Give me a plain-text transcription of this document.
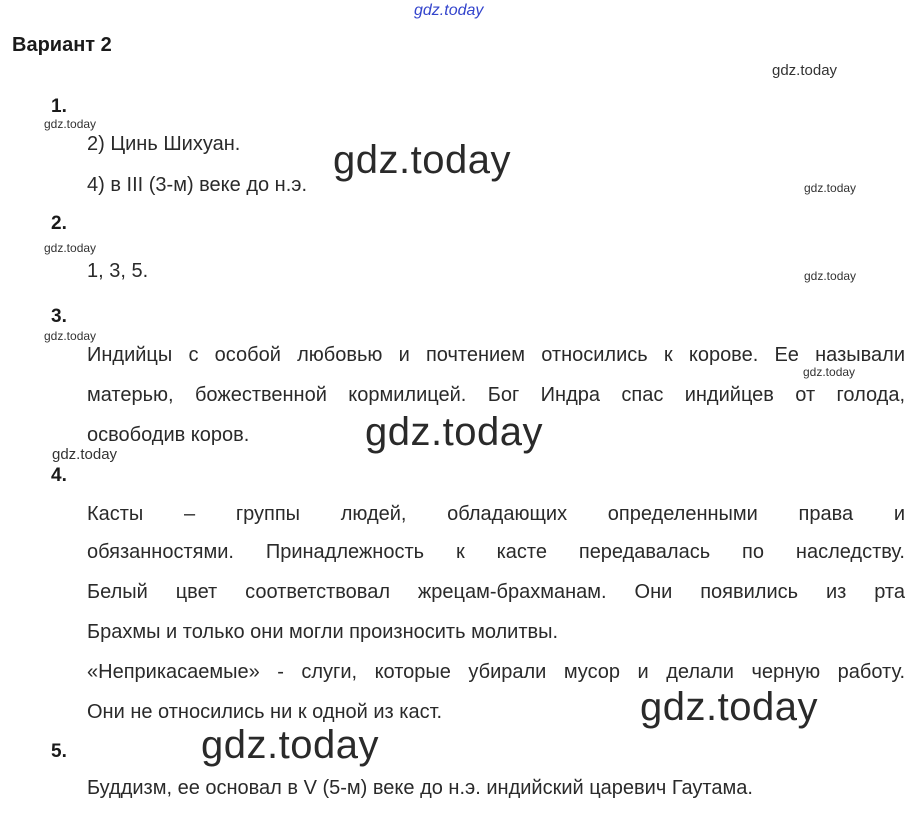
gdz.today
Вариант 2
gdz.today
gdz.today
gdz.today
gdz.today
gdz.today
gdz.today
gdz.today
gdz.today
gdz.today
gdz.today
gdz.today
gdz.today
1.
2) Цинь Шихуан.
4) в III (3-м) веке до н.э.
2.
1, 3, 5.
3.
Индийцы с особой любовью и почтением относились к корове. Ее называли
матерью, божественной кормилицей. Бог Индра спас индийцев от голода,
освободив коров.
4.
Касты – группы людей, обладающих определенными права и
обязанностями. Принадлежность к касте передавалась по наследству.
Белый цвет соответствовал жрецам-брахманам. Они появились из рта
Брахмы и только они могли произносить молитвы.
«Неприкасаемые» - слуги, которые убирали мусор и делали черную работу.
Они не относились ни к одной из каст.
5.
Буддизм, ее основал в V (5-м) веке до н.э. индийский царевич Гаутама.
